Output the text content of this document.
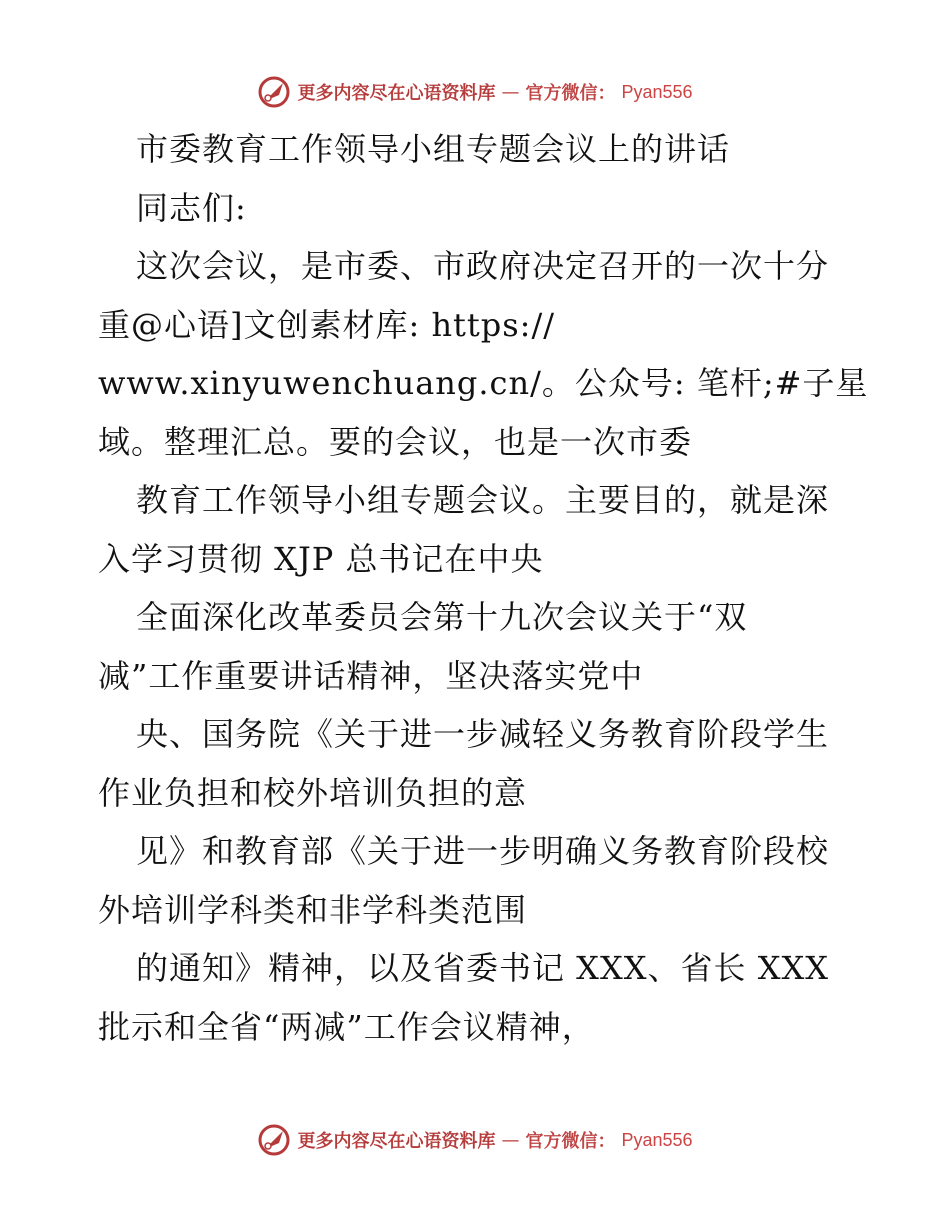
更多内容尽在心语资料库 — 官方微信： Pyan556
市委教育工作领导小组专题会议上的讲话
同志们:
这次会议，是市委、市政府决定召开的一次十分
重@心语]文创素材库: https://
www.xinyuwenchuang.cn/。公众号: 笔杆;#子星
域。整理汇总。要的会议，也是一次市委
教育工作领导小组专题会议。主要目的，就是深
入学习贯彻 XJP 总书记在中央
全面深化改革委员会第十九次会议关于“双
减”工作重要讲话精神，坚决落实党中
央、国务院《关于进一步减轻义务教育阶段学生
作业负担和校外培训负担的意
见》和教育部《关于进一步明确义务教育阶段校
外培训学科类和非学科类范围
的通知》精神，以及省委书记 XXX、省长 XXX
批示和全省“两减”工作会议精神，
更多内容尽在心语资料库 — 官方微信： Pyan556
